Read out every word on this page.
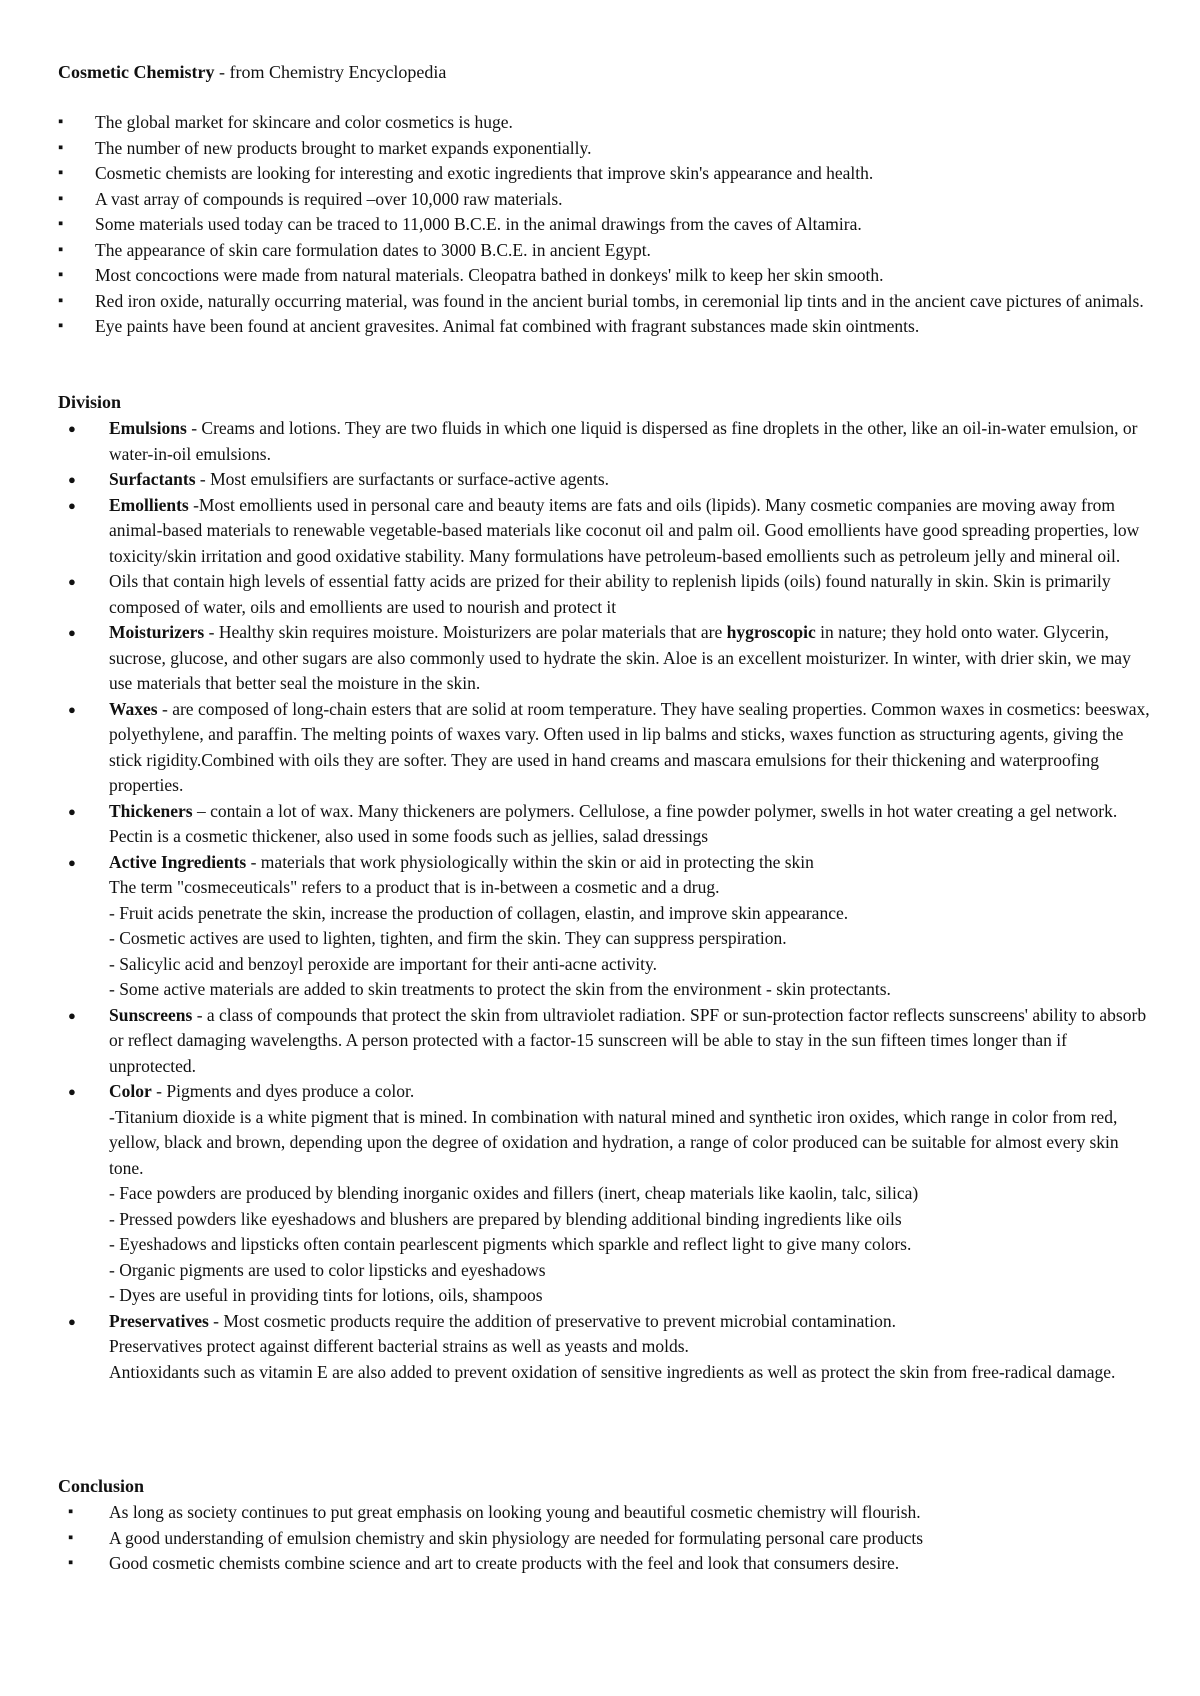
Cosmetic Chemistry - from Chemistry Encyclopedia

▪ The global market for skincare and color cosmetics is huge.
▪ The number of new products brought to market expands exponentially.
▪ Cosmetic chemists are looking for interesting and exotic ingredients that improve skin's appearance and health.
▪ A vast array of compounds is required –over 10,000 raw materials.
▪ Some materials used today can be traced to 11,000 B.C.E. in the animal drawings from the caves of Altamira.
▪ The appearance of skin care formulation dates to 3000 B.C.E. in ancient Egypt.
▪ Most concoctions were made from natural materials. Cleopatra bathed in donkeys' milk to keep her skin smooth.
▪ Red iron oxide, naturally occurring material, was found in the ancient burial tombs, in ceremonial lip tints and in the ancient cave pictures of animals.
▪ Eye paints have been found at ancient gravesites. Animal fat combined with fragrant substances made skin ointments.

Division

● Emulsions - Creams and lotions. They are two fluids in which one liquid is dispersed as fine droplets in the other, like an oil-in-water emulsion, or water-in-oil emulsions.
● Surfactants - Most emulsifiers are surfactants or surface-active agents.
● Emollients -Most emollients used in personal care and beauty items are fats and oils (lipids). Many cosmetic companies are moving away from animal-based materials to renewable vegetable-based materials like coconut oil and palm oil. Good emollients have good spreading properties, low toxicity/skin irritation and good oxidative stability. Many formulations have petroleum-based emollients such as petroleum jelly and mineral oil.
● Oils that contain high levels of essential fatty acids are prized for their ability to replenish lipids (oils) found naturally in skin. Skin is primarily composed of water, oils and emollients are used to nourish and protect it
● Moisturizers - Healthy skin requires moisture. Moisturizers are polar materials that are hygroscopic in nature; they hold onto water. Glycerin, sucrose, glucose, and other sugars are also commonly used to hydrate the skin. Aloe is an excellent moisturizer. In winter, with drier skin, we may use materials that better seal the moisture in the skin.
● Waxes - are composed of long-chain esters that are solid at room temperature. They have sealing properties. Common waxes in cosmetics: beeswax, polyethylene, and paraffin. The melting points of waxes vary. Often used in lip balms and sticks, waxes function as structuring agents, giving the stick rigidity.Combined with oils they are softer. They are used in hand creams and mascara emulsions for their thickening and waterproofing properties.
● Thickeners – contain a lot of wax. Many thickeners are polymers. Cellulose, a fine powder polymer, swells in hot water creating a gel network. Pectin is a cosmetic thickener, also used in some foods such as jellies, salad dressings
● Active Ingredients - materials that work physiologically within the skin or aid in protecting the skin
The term "cosmeceuticals" refers to a product that is in-between a cosmetic and a drug.
- Fruit acids penetrate the skin, increase the production of collagen, elastin, and improve skin appearance.
- Cosmetic actives are used to lighten, tighten, and firm the skin. They can suppress perspiration.
- Salicylic acid and benzoyl peroxide are important for their anti-acne activity.
- Some active materials are added to skin treatments to protect the skin from the environment - skin protectants.
● Sunscreens - a class of compounds that protect the skin from ultraviolet radiation. SPF or sun-protection factor reflects sunscreens' ability to absorb or reflect damaging wavelengths. A person protected with a factor-15 sunscreen will be able to stay in the sun fifteen times longer than if unprotected.
● Color - Pigments and dyes produce a color.
-Titanium dioxide is a white pigment that is mined. In combination with natural mined and synthetic iron oxides, which range in color from red, yellow, black and brown, depending upon the degree of oxidation and hydration, a range of color produced can be suitable for almost every skin tone.
- Face powders are produced by blending inorganic oxides and fillers (inert, cheap materials like kaolin, talc, silica)
- Pressed powders like eyeshadows and blushers are prepared by blending additional binding ingredients like oils
- Eyeshadows and lipsticks often contain pearlescent pigments which sparkle and reflect light to give many colors.
- Organic pigments are used to color lipsticks and eyeshadows
- Dyes are useful in providing tints for lotions, oils, shampoos
● Preservatives - Most cosmetic products require the addition of preservative to prevent microbial contamination.
Preservatives protect against different bacterial strains as well as yeasts and molds.
Antioxidants such as vitamin E are also added to prevent oxidation of sensitive ingredients as well as protect the skin from free-radical damage.

Conclusion

▪ As long as society continues to put great emphasis on looking young and beautiful cosmetic chemistry will flourish.
▪ A good understanding of emulsion chemistry and skin physiology are needed for formulating personal care products
▪ Good cosmetic chemists combine science and art to create products with the feel and look that consumers desire.
